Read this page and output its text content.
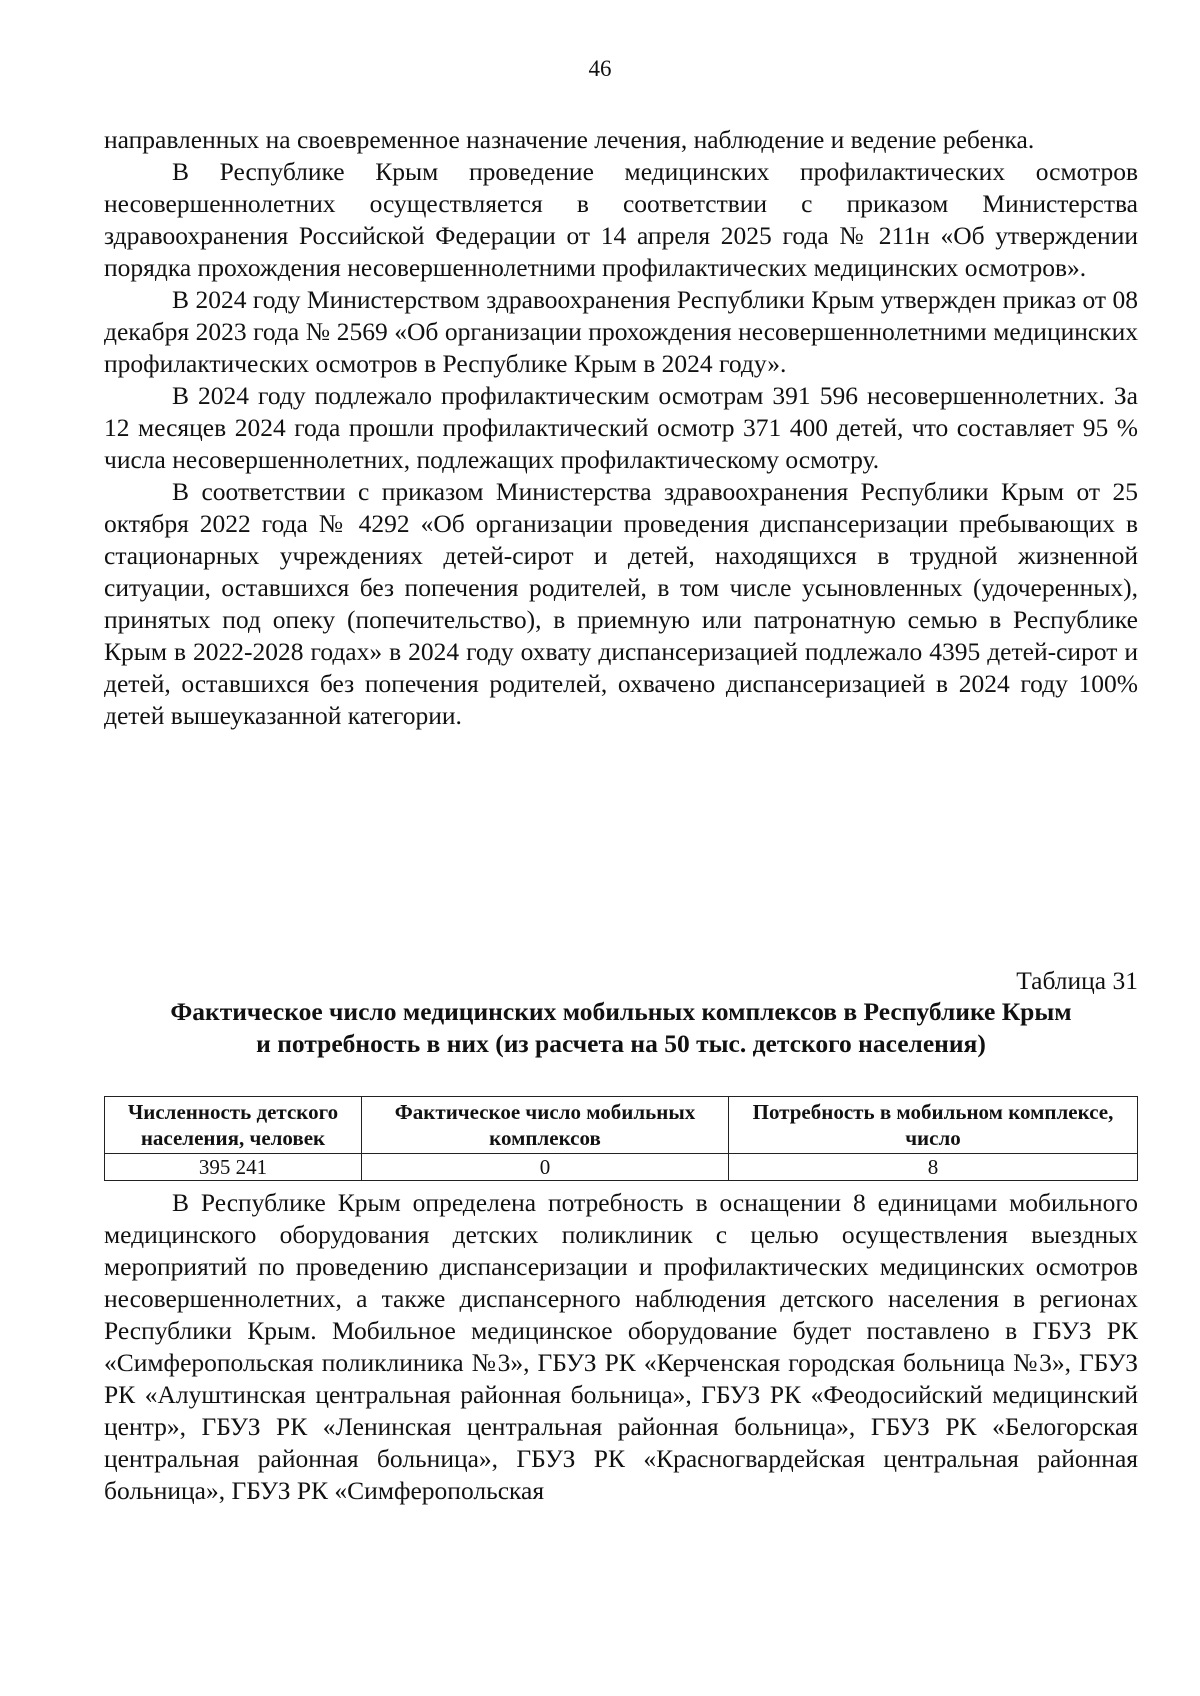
46

направленных на своевременное назначение лечения, наблюдение и ведение ребенка.

В Республике Крым проведение медицинских профилактических осмотров несовершеннолетних осуществляется в соответствии с приказом Министерства здравоохранения Российской Федерации от 14 апреля 2025 года № 211н «Об утверждении порядка прохождения несовершеннолетними профилактических медицинских осмотров».

В 2024 году Министерством здравоохранения Республики Крым утвержден приказ от 08 декабря 2023 года № 2569 «Об организации прохождения несовершеннолетними медицинских профилактических осмотров в Республике Крым в 2024 году».

В 2024 году подлежало профилактическим осмотрам 391 596 несовершеннолетних. За 12 месяцев 2024 года прошли профилактический осмотр 371 400 детей, что составляет 95 % числа несовершеннолетних, подлежащих профилактическому осмотру.

В соответствии с приказом Министерства здравоохранения Республики Крым от 25 октября 2022 года № 4292 «Об организации проведения диспансеризации пребывающих в стационарных учреждениях детей-сирот и детей, находящихся в трудной жизненной ситуации, оставшихся без попечения родителей, в том числе усыновленных (удочеренных), принятых под опеку (попечительство), в приемную или патронатную семью в Республике Крым в 2022-2028 годах» в 2024 году охвату диспансеризацией подлежало 4395 детей-сирот и детей, оставшихся без попечения родителей, охвачено диспансеризацией в 2024 году 100% детей вышеуказанной категории.

Таблица 31
Фактическое число медицинских мобильных комплексов в Республике Крым
и потребность в них (из расчета на 50 тыс. детского населения)
Численность детского населения, человек	Фактическое число мобильных комплексов	Потребность в мобильном комплексе, число
395 241	0	8

В Республике Крым определена потребность в оснащении 8 единицами мобильного медицинского оборудования детских поликлиник с целью осуществления выездных мероприятий по проведению диспансеризации и профилактических медицинских осмотров несовершеннолетних, а также диспансерного наблюдения детского населения в регионах Республики Крым. Мобильное медицинское оборудование будет поставлено в ГБУЗ РК «Симферопольская поликлиника №3», ГБУЗ РК «Керченская городская больница №3», ГБУЗ РК «Алуштинская центральная районная больница», ГБУЗ РК «Феодосийский медицинский центр», ГБУЗ РК «Ленинская центральная районная больница», ГБУЗ РК «Белогорская центральная районная больница», ГБУЗ РК «Красногвардейская центральная районная больница», ГБУЗ РК «Симферопольская
